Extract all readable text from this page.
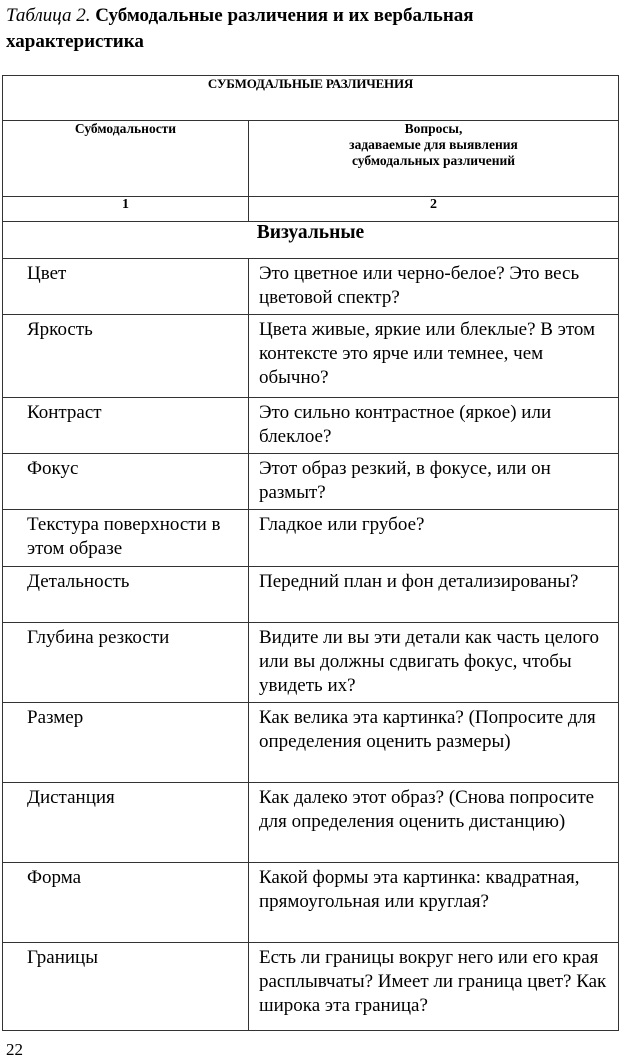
Таблица 2. Субмодальные различения и их вербальная характеристика
СУБМОДАЛЬНЫЕ РАЗЛИЧЕНИЯ	
Субмодальности	Вопросы,
задаваемые для выявления
субмодальных различений

1	2
Визуальные	
Цвет	Это цветное или черно-белое? Это весь цветовой спектр?
Яркость	Цвета живые, яркие или блеклые? В этом контексте это ярче или темнее, чем обычно?
Контраст	Это сильно контрастное (яркое) или блеклое?
Фокус	Этот образ резкий, в фокусе, или он размыт?
Текстура поверхности в этом образе	Гладкое или грубое?
Детальность	Передний план и фон детализированы?
Глубина резкости	Видите ли вы эти детали как часть целого или вы должны сдвигать фокус, чтобы увидеть их?
Размер	Как велика эта картинка? (Попросите для определения оценить размеры)
Дистанция	Как далеко этот образ? (Снова попросите для определения оценить дистанцию)
Форма	Какой формы эта картинка: квадратная, прямоугольная или круглая?
Границы	Есть ли границы вокруг него или его края расплывчаты? Имеет ли граница цвет? Как широка эта граница?
22
